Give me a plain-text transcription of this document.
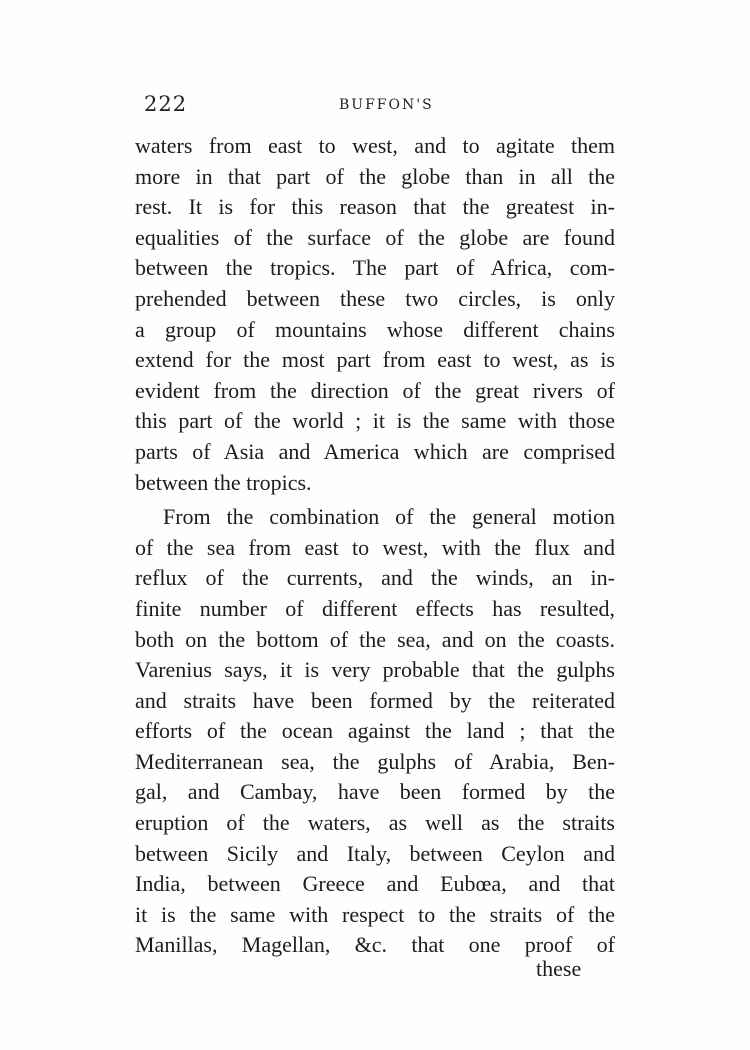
222	BUFFON'S
waters from east to west, and to agitate them
more in that part of the globe than in all the
rest. It is for this reason that the greatest in-
equalities of the surface of the globe are found
between the tropics. The part of Africa, com-
prehended between these two circles, is only
a group of mountains whose different chains
extend for the most part from east to west, as is
evident from the direction of the great rivers of
this part of the world ; it is the same with those
parts of Asia and America which are comprised
between the tropics.
From the combination of the general motion
of the sea from east to west, with the flux and
reflux of the currents, and the winds, an in-
finite number of different effects has resulted,
both on the bottom of the sea, and on the coasts.
Varenius says, it is very probable that the gulphs
and straits have been formed by the reiterated
efforts of the ocean against the land ; that the
Mediterranean sea, the gulphs of Arabia, Ben-
gal, and Cambay, have been formed by the
eruption of the waters, as well as the straits
between Sicily and Italy, between Ceylon and
India, between Greece and Eubœa, and that
it is the same with respect to the straits of the
Manillas, Magellan, &c. that one proof of
these
